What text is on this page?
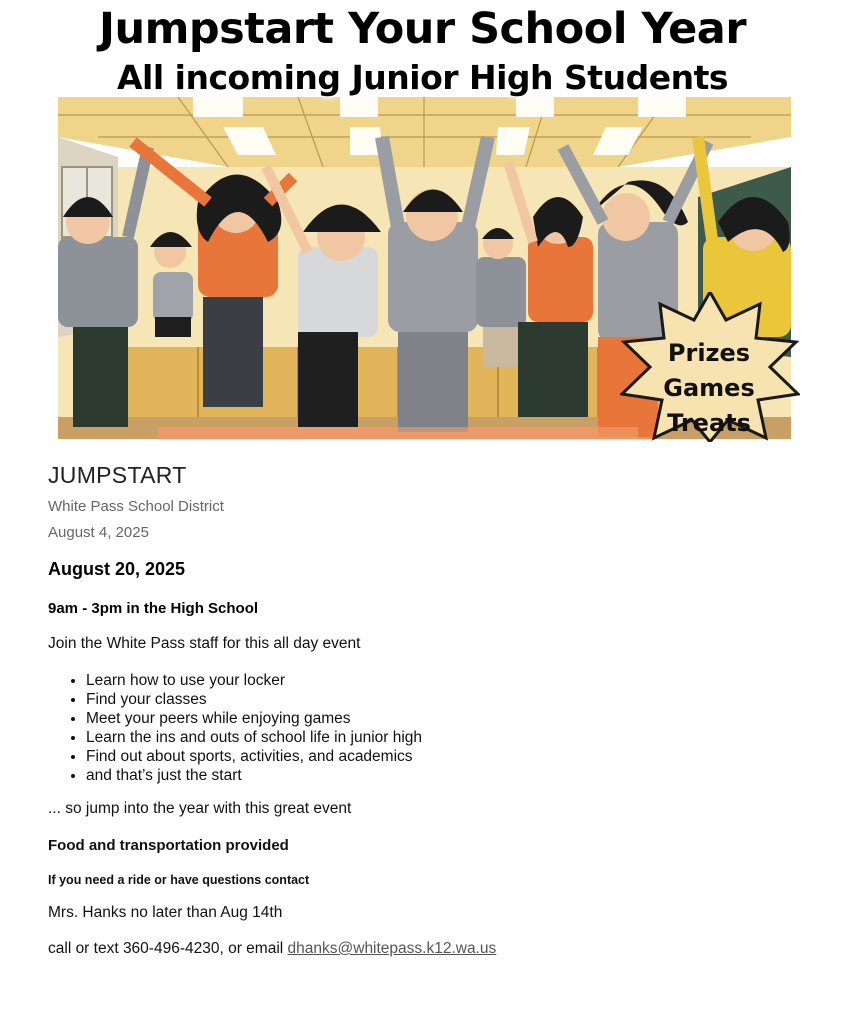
Prizes
Games
Treats
Jumpstart Your School Year
All incoming Junior High Students
JUMPSTART

White Pass School District

August 4, 2025

August 20, 2025

9am - 3pm in the High School

Join the White Pass staff for this all day event

• Learn how to use your locker
• Find your classes
• Meet your peers while enjoying games
• Learn the ins and outs of school life in junior high
• Find out about sports, activities, and academics
• and that’s just the start

... so jump into the year with this great event

Food and transportation provided

If you need a ride or have questions contact

Mrs. Hanks no later than Aug 14th

call or text 360-496-4230, or email dhanks@whitepass.k12.wa.us
